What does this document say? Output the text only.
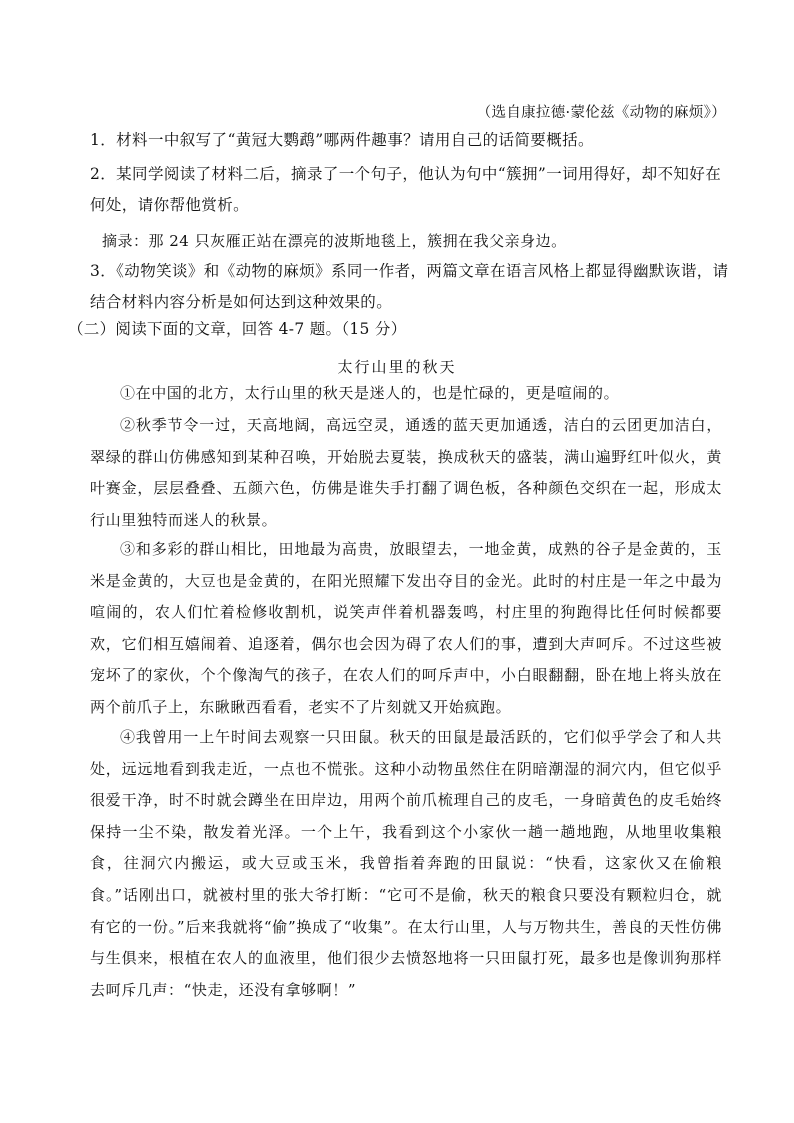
（选自康拉德·蒙伦兹《动物的麻烦》）
1．材料一中叙写了“黄冠大鹦鹉”哪两件趣事？请用自己的话简要概括。
2．某同学阅读了材料二后，摘录了一个句子，他认为句中“簇拥”一词用得好，却不知好在何处，请你帮他赏析。
摘录：那 24 只灰雁正站在漂亮的波斯地毯上，簇拥在我父亲身边。
3．《动物笑谈》和《动物的麻烦》系同一作者，两篇文章在语言风格上都显得幽默诙谐，请结合材料内容分析是如何达到这种效果的。
（二）阅读下面的文章，回答 4-7 题。（15 分）
太行山里的秋天
①在中国的北方，太行山里的秋天是迷人的，也是忙碌的，更是喧闹的。
②秋季节令一过，天高地阔，高远空灵，通透的蓝天更加通透，洁白的云团更加洁白，翠绿的群山仿佛感知到某种召唤，开始脱去夏装，换成秋天的盛装，满山遍野红叶似火，黄叶赛金，层层叠叠、五颜六色，仿佛是谁失手打翻了调色板，各种颜色交织在一起，形成太行山里独特而迷人的秋景。
③和多彩的群山相比，田地最为高贵，放眼望去，一地金黄，成熟的谷子是金黄的，玉米是金黄的，大豆也是金黄的，在阳光照耀下发出夺目的金光。此时的村庄是一年之中最为喧闹的，农人们忙着检修收割机，说笑声伴着机器轰鸣，村庄里的狗跑得比任何时候都要欢，它们相互嬉闹着、追逐着，偶尔也会因为碍了农人们的事，遭到大声呵斥。不过这些被宠坏了的家伙，个个像淘气的孩子，在农人们的呵斥声中，小白眼翻翻，卧在地上将头放在两个前爪子上，东瞅瞅西看看，老实不了片刻就又开始疯跑。
④我曾用一上午时间去观察一只田鼠。秋天的田鼠是最活跃的，它们似乎学会了和人共处，远远地看到我走近，一点也不慌张。这种小动物虽然住在阴暗潮湿的洞穴内，但它似乎很爱干净，时不时就会蹲坐在田岸边，用两个前爪梳理自己的皮毛，一身暗黄色的皮毛始终保持一尘不染，散发着光泽。一个上午，我看到这个小家伙一趟一趟地跑，从地里收集粮食，往洞穴内搬运，或大豆或玉米，我曾指着奔跑的田鼠说：“快看，这家伙又在偷粮食。”话刚出口，就被村里的张大爷打断：“它可不是偷，秋天的粮食只要没有颗粒归仓，就有它的一份。”后来我就将“偷”换成了“收集”。在太行山里，人与万物共生，善良的天性仿佛与生俱来，根植在农人的血液里，他们很少去愤怒地将一只田鼠打死，最多也是像训狗那样去呵斥几声：“快走，还没有拿够啊！”
